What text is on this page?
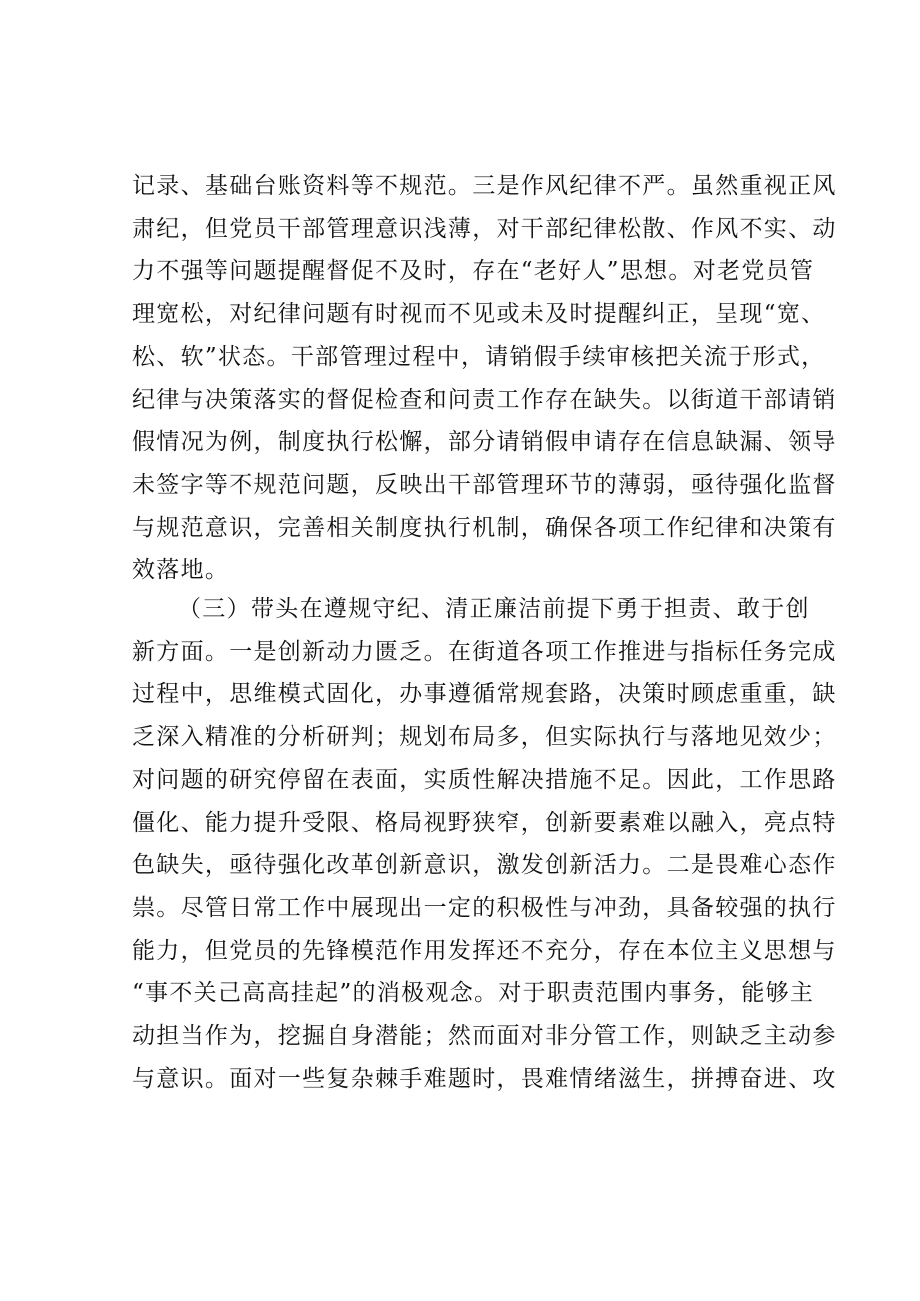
记录、基础台账资料等不规范。三是作风纪律不严。虽然重视正风
肃纪，但党员干部管理意识浅薄，对干部纪律松散、作风不实、动
力不强等问题提醒督促不及时，存在“老好人”思想。对老党员管
理宽松，对纪律问题有时视而不见或未及时提醒纠正，呈现“宽、
松、软”状态。干部管理过程中，请销假手续审核把关流于形式，
纪律与决策落实的督促检查和问责工作存在缺失。以街道干部请销
假情况为例，制度执行松懈，部分请销假申请存在信息缺漏、领导
未签字等不规范问题，反映出干部管理环节的薄弱，亟待强化监督
与规范意识，完善相关制度执行机制，确保各项工作纪律和决策有
效落地。
（三）带头在遵规守纪、清正廉洁前提下勇于担责、敢于创
新方面。一是创新动力匮乏。在街道各项工作推进与指标任务完成
过程中，思维模式固化，办事遵循常规套路，决策时顾虑重重，缺
乏深入精准的分析研判；规划布局多，但实际执行与落地见效少；
对问题的研究停留在表面，实质性解决措施不足。因此，工作思路
僵化、能力提升受限、格局视野狭窄，创新要素难以融入，亮点特
色缺失，亟待强化改革创新意识，激发创新活力。二是畏难心态作
祟。尽管日常工作中展现出一定的积极性与冲劲，具备较强的执行
能力，但党员的先锋模范作用发挥还不充分，存在本位主义思想与
“事不关己高高挂起”的消极观念。对于职责范围内事务，能够主
动担当作为，挖掘自身潜能；然而面对非分管工作，则缺乏主动参
与意识。面对一些复杂棘手难题时，畏难情绪滋生，拼搏奋进、攻
